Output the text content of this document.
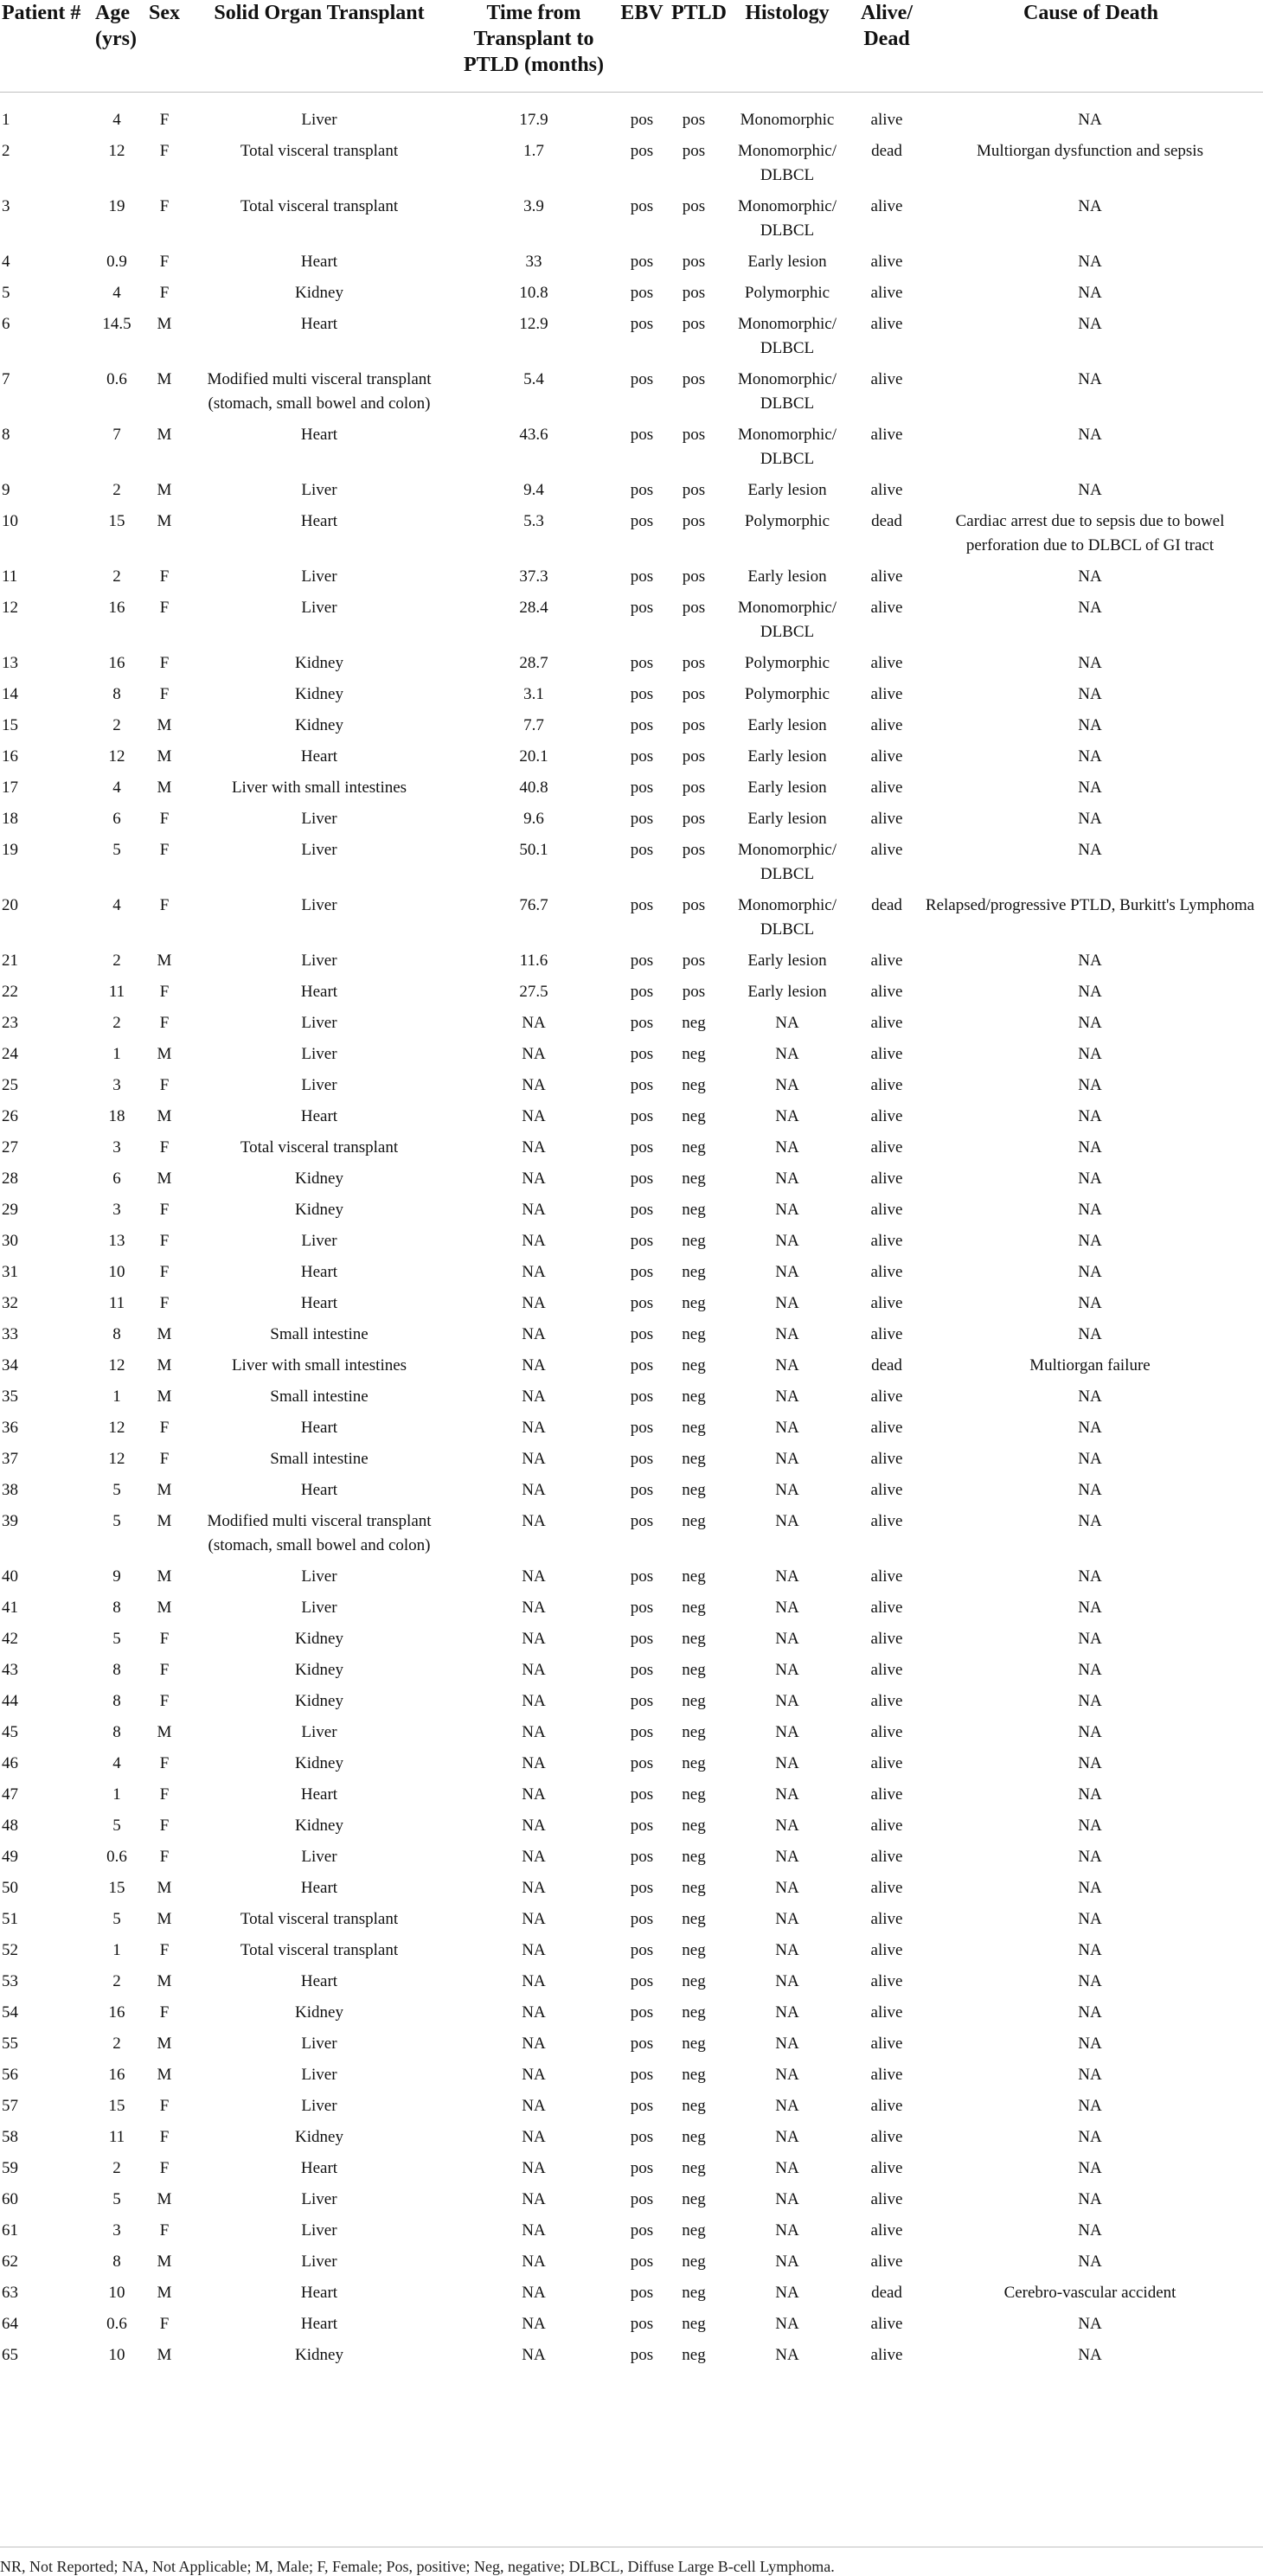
Patient #	Age (yrs)	Sex	Solid Organ Transplant	Time from Transplant to PTLD (months)	EBV	PTLD	Histology	Alive/ Dead	Cause of Death

1	4	F	Liver	17.9	pos	pos	Monomorphic	alive	NA
2	12	F	Total visceral transplant	1.7	pos	pos	Monomorphic/ DLBCL	dead	Multiorgan dysfunction and sepsis
3	19	F	Total visceral transplant	3.9	pos	pos	Monomorphic/ DLBCL	alive	NA
4	0.9	F	Heart	33	pos	pos	Early lesion	alive	NA
5	4	F	Kidney	10.8	pos	pos	Polymorphic	alive	NA
6	14.5	M	Heart	12.9	pos	pos	Monomorphic/ DLBCL	alive	NA
7	0.6	M	Modified multi visceral transplant (stomach, small bowel and colon)	5.4	pos	pos	Monomorphic/ DLBCL	alive	NA
8	7	M	Heart	43.6	pos	pos	Monomorphic/ DLBCL	alive	NA
9	2	M	Liver	9.4	pos	pos	Early lesion	alive	NA
10	15	M	Heart	5.3	pos	pos	Polymorphic	dead	Cardiac arrest due to sepsis due to bowel perforation due to DLBCL of GI tract
11	2	F	Liver	37.3	pos	pos	Early lesion	alive	NA
12	16	F	Liver	28.4	pos	pos	Monomorphic/ DLBCL	alive	NA
13	16	F	Kidney	28.7	pos	pos	Polymorphic	alive	NA
14	8	F	Kidney	3.1	pos	pos	Polymorphic	alive	NA
15	2	M	Kidney	7.7	pos	pos	Early lesion	alive	NA
16	12	M	Heart	20.1	pos	pos	Early lesion	alive	NA
17	4	M	Liver with small intestines	40.8	pos	pos	Early lesion	alive	NA
18	6	F	Liver	9.6	pos	pos	Early lesion	alive	NA
19	5	F	Liver	50.1	pos	pos	Monomorphic/ DLBCL	alive	NA
20	4	F	Liver	76.7	pos	pos	Monomorphic/ DLBCL	dead	Relapsed/progressive PTLD, Burkitt's Lymphoma
21	2	M	Liver	11.6	pos	pos	Early lesion	alive	NA
22	11	F	Heart	27.5	pos	pos	Early lesion	alive	NA
23	2	F	Liver	NA	pos	neg	NA	alive	NA
24	1	M	Liver	NA	pos	neg	NA	alive	NA
25	3	F	Liver	NA	pos	neg	NA	alive	NA
26	18	M	Heart	NA	pos	neg	NA	alive	NA
27	3	F	Total visceral transplant	NA	pos	neg	NA	alive	NA
28	6	M	Kidney	NA	pos	neg	NA	alive	NA
29	3	F	Kidney	NA	pos	neg	NA	alive	NA
30	13	F	Liver	NA	pos	neg	NA	alive	NA
31	10	F	Heart	NA	pos	neg	NA	alive	NA
32	11	F	Heart	NA	pos	neg	NA	alive	NA
33	8	M	Small intestine	NA	pos	neg	NA	alive	NA
34	12	M	Liver with small intestines	NA	pos	neg	NA	dead	Multiorgan failure
35	1	M	Small intestine	NA	pos	neg	NA	alive	NA
36	12	F	Heart	NA	pos	neg	NA	alive	NA
37	12	F	Small intestine	NA	pos	neg	NA	alive	NA
38	5	M	Heart	NA	pos	neg	NA	alive	NA
39	5	M	Modified multi visceral transplant (stomach, small bowel and colon)	NA	pos	neg	NA	alive	NA
40	9	M	Liver	NA	pos	neg	NA	alive	NA
41	8	M	Liver	NA	pos	neg	NA	alive	NA
42	5	F	Kidney	NA	pos	neg	NA	alive	NA
43	8	F	Kidney	NA	pos	neg	NA	alive	NA
44	8	F	Kidney	NA	pos	neg	NA	alive	NA
45	8	M	Liver	NA	pos	neg	NA	alive	NA
46	4	F	Kidney	NA	pos	neg	NA	alive	NA
47	1	F	Heart	NA	pos	neg	NA	alive	NA
48	5	F	Kidney	NA	pos	neg	NA	alive	NA
49	0.6	F	Liver	NA	pos	neg	NA	alive	NA
50	15	M	Heart	NA	pos	neg	NA	alive	NA
51	5	M	Total visceral transplant	NA	pos	neg	NA	alive	NA
52	1	F	Total visceral transplant	NA	pos	neg	NA	alive	NA
53	2	M	Heart	NA	pos	neg	NA	alive	NA
54	16	F	Kidney	NA	pos	neg	NA	alive	NA
55	2	M	Liver	NA	pos	neg	NA	alive	NA
56	16	M	Liver	NA	pos	neg	NA	alive	NA
57	15	F	Liver	NA	pos	neg	NA	alive	NA
58	11	F	Kidney	NA	pos	neg	NA	alive	NA
59	2	F	Heart	NA	pos	neg	NA	alive	NA
60	5	M	Liver	NA	pos	neg	NA	alive	NA
61	3	F	Liver	NA	pos	neg	NA	alive	NA
62	8	M	Liver	NA	pos	neg	NA	alive	NA
63	10	M	Heart	NA	pos	neg	NA	dead	Cerebro-vascular accident
64	0.6	F	Heart	NA	pos	neg	NA	alive	NA
65	10	M	Kidney	NA	pos	neg	NA	alive	NA
NR, Not Reported; NA, Not Applicable; M, Male; F, Female; Pos, positive; Neg, negative; DLBCL, Diffuse Large B-cell Lymphoma.
